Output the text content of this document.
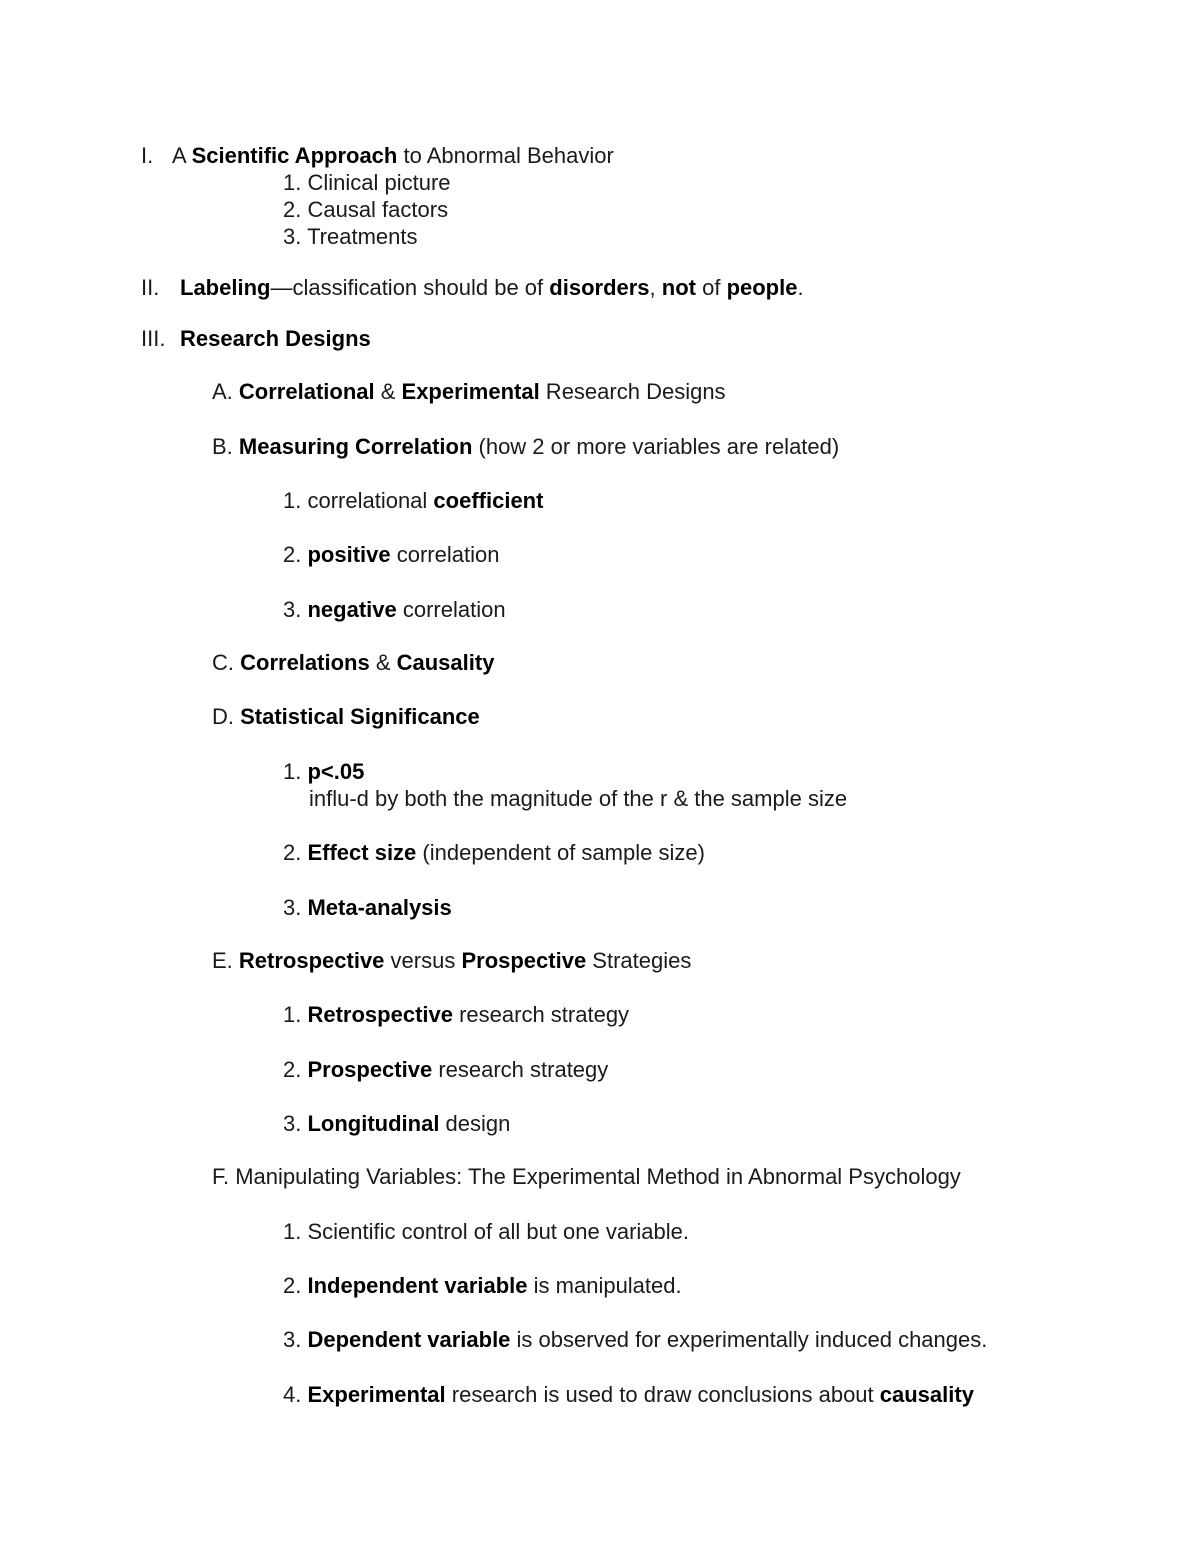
I. A Scientific Approach to Abnormal Behavior
1. Clinical picture
2. Causal factors
3. Treatments
II. Labeling—classification should be of disorders, not of people.
III. Research Designs
A. Correlational & Experimental Research Designs
B. Measuring Correlation (how 2 or more variables are related)
1. correlational coefficient
2. positive correlation
3. negative correlation
C. Correlations & Causality
D. Statistical Significance
1. p<.05
influ-d by both the magnitude of the r & the sample size
2. Effect size (independent of sample size)
3. Meta-analysis
E. Retrospective versus Prospective Strategies
1. Retrospective research strategy
2. Prospective research strategy
3. Longitudinal design
F. Manipulating Variables: The Experimental Method in Abnormal Psychology
1. Scientific control of all but one variable.
2. Independent variable is manipulated.
3. Dependent variable is observed for experimentally induced changes.
4. Experimental research is used to draw conclusions about causality
